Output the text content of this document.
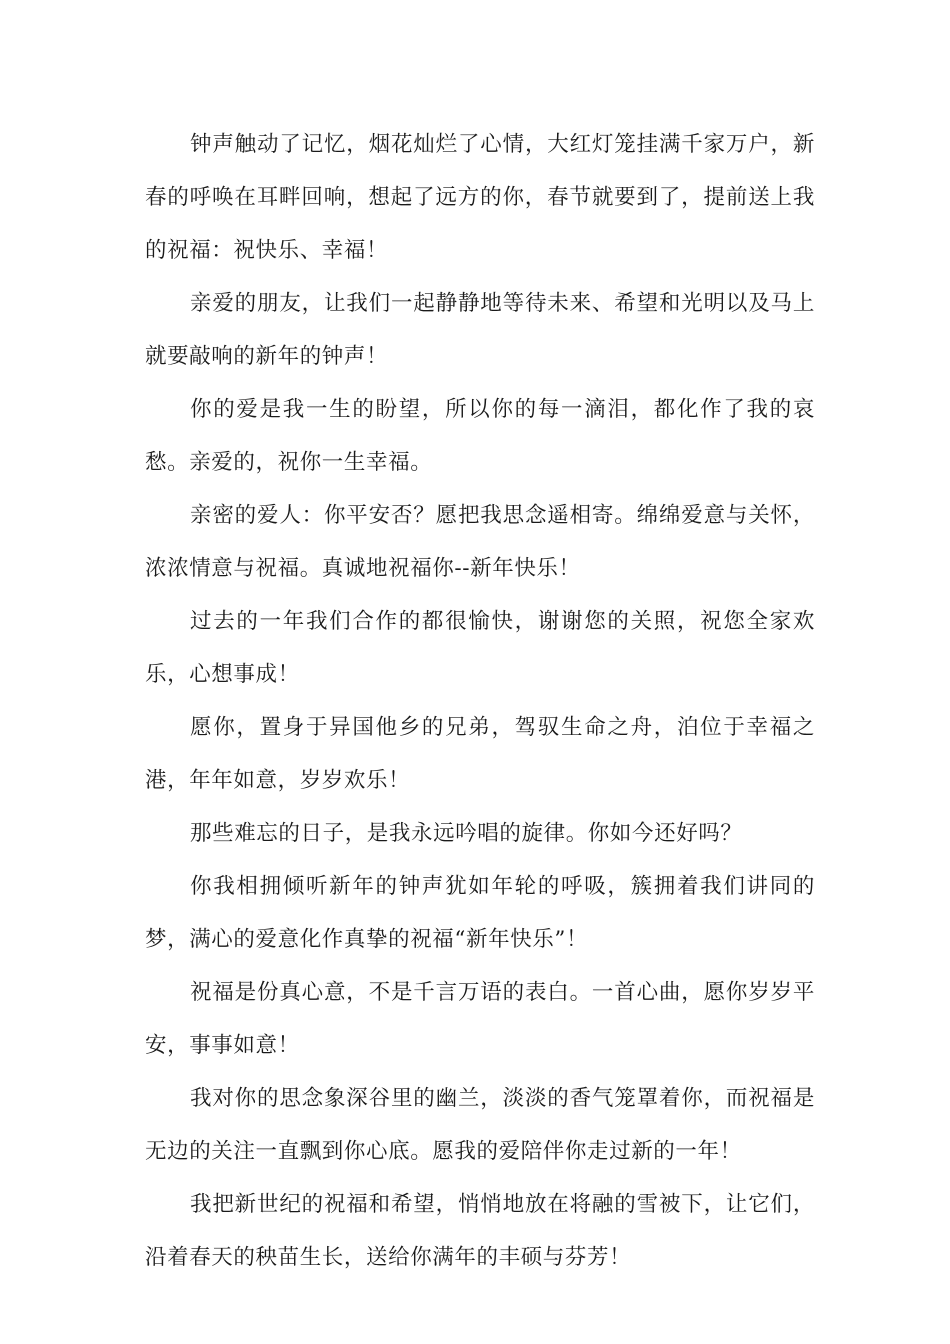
钟声触动了记忆，烟花灿烂了心情，大红灯笼挂满千家万户，新春的呼唤在耳畔回响，想起了远方的你，春节就要到了，提前送上我的祝福：祝快乐、幸福！

亲爱的朋友，让我们一起静静地等待未来、希望和光明以及马上就要敲响的新年的钟声！

你的爱是我一生的盼望，所以你的每一滴泪，都化作了我的哀愁。亲爱的，祝你一生幸福。

亲密的爱人：你平安否？愿把我思念遥相寄。绵绵爱意与关怀，浓浓情意与祝福。真诚地祝福你--新年快乐！

过去的一年我们合作的都很愉快，谢谢您的关照，祝您全家欢乐，心想事成！

愿你，置身于异国他乡的兄弟，驾驭生命之舟，泊位于幸福之港，年年如意，岁岁欢乐！

那些难忘的日子，是我永远吟唱的旋律。你如今还好吗？

你我相拥倾听新年的钟声犹如年轮的呼吸，簇拥着我们讲同的梦，满心的爱意化作真挚的祝福“新年快乐”！

祝福是份真心意，不是千言万语的表白。一首心曲，愿你岁岁平安，事事如意！

我对你的思念象深谷里的幽兰，淡淡的香气笼罩着你，而祝福是无边的关注一直飘到你心底。愿我的爱陪伴你走过新的一年！

我把新世纪的祝福和希望，悄悄地放在将融的雪被下，让它们，沿着春天的秧苗生长，送给你满年的丰硕与芬芳！
